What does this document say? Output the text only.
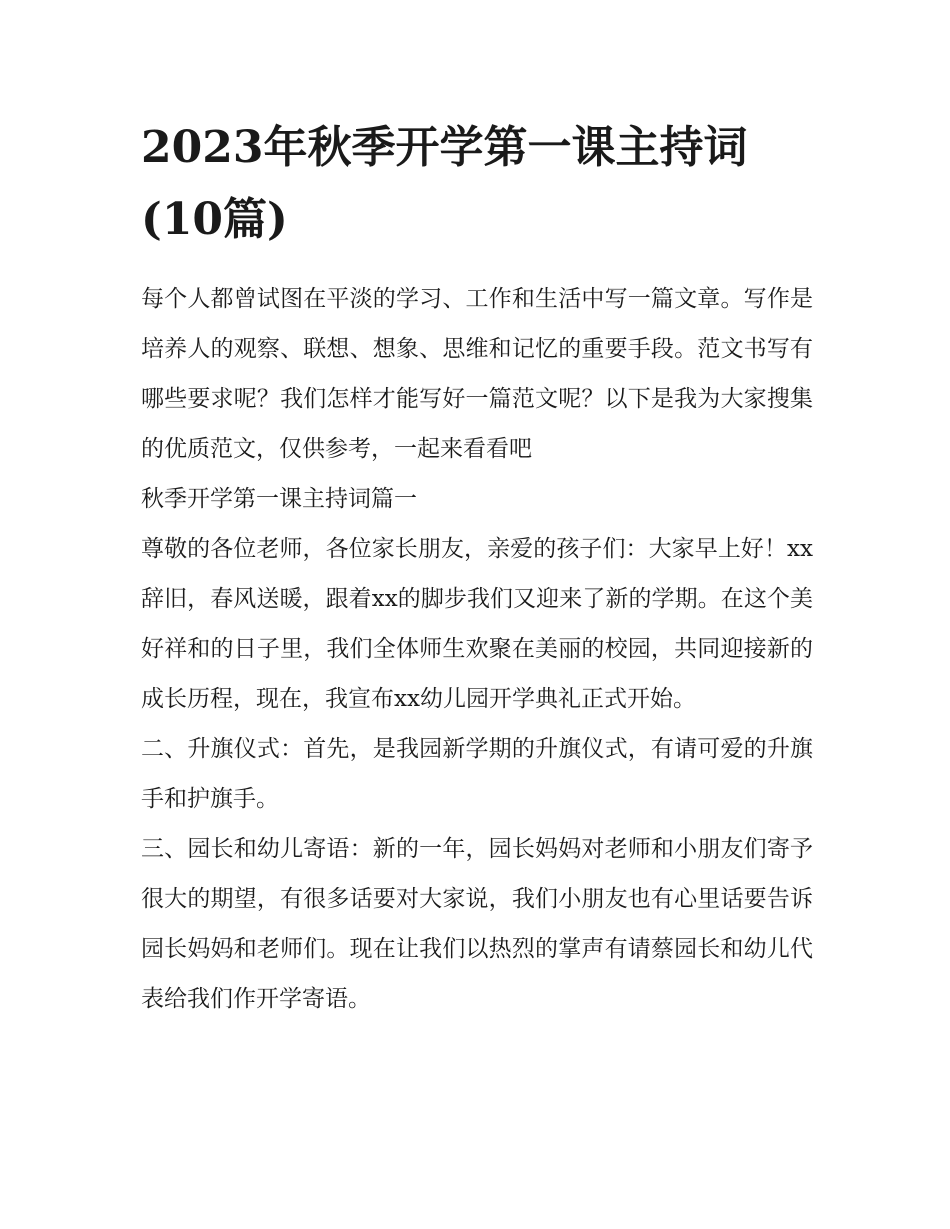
2023年秋季开学第一课主持词(10篇)

每个人都曾试图在平淡的学习、工作和生活中写一篇文章。写作是培养人的观察、联想、想象、思维和记忆的重要手段。范文书写有哪些要求呢？我们怎样才能写好一篇范文呢？以下是我为大家搜集的优质范文，仅供参考，一起来看看吧

秋季开学第一课主持词篇一

尊敬的各位老师，各位家长朋友，亲爱的孩子们：大家早上好！xx辞旧，春风送暖，跟着xx的脚步我们又迎来了新的学期。在这个美好祥和的日子里，我们全体师生欢聚在美丽的校园，共同迎接新的成长历程，现在，我宣布xx幼儿园开学典礼正式开始。

二、升旗仪式：首先，是我园新学期的升旗仪式，有请可爱的升旗手和护旗手。

三、园长和幼儿寄语：新的一年，园长妈妈对老师和小朋友们寄予很大的期望，有很多话要对大家说，我们小朋友也有心里话要告诉园长妈妈和老师们。现在让我们以热烈的掌声有请蔡园长和幼儿代表给我们作开学寄语。
